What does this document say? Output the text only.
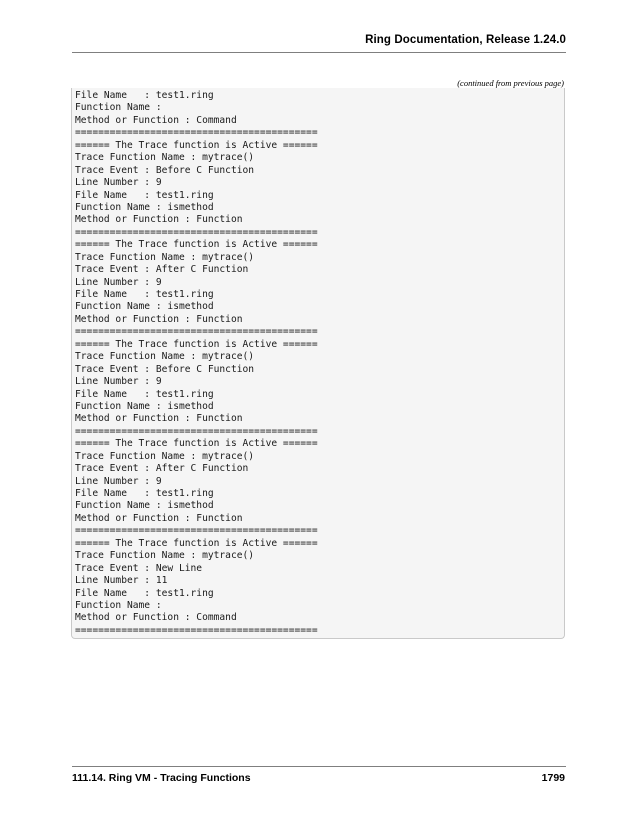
Ring Documentation, Release 1.24.0
(continued from previous page)
File Name   : test1.ring
Function Name :
Method or Function : Command
==========================================
====== The Trace function is Active ======
Trace Function Name : mytrace()
Trace Event : Before C Function
Line Number : 9
File Name   : test1.ring
Function Name : ismethod
Method or Function : Function
==========================================
====== The Trace function is Active ======
Trace Function Name : mytrace()
Trace Event : After C Function
Line Number : 9
File Name   : test1.ring
Function Name : ismethod
Method or Function : Function
==========================================
====== The Trace function is Active ======
Trace Function Name : mytrace()
Trace Event : Before C Function
Line Number : 9
File Name   : test1.ring
Function Name : ismethod
Method or Function : Function
==========================================
====== The Trace function is Active ======
Trace Function Name : mytrace()
Trace Event : After C Function
Line Number : 9
File Name   : test1.ring
Function Name : ismethod
Method or Function : Function
==========================================
====== The Trace function is Active ======
Trace Function Name : mytrace()
Trace Event : New Line
Line Number : 11
File Name   : test1.ring
Function Name :
Method or Function : Command
==========================================
111.14. Ring VM - Tracing Functions	1799
